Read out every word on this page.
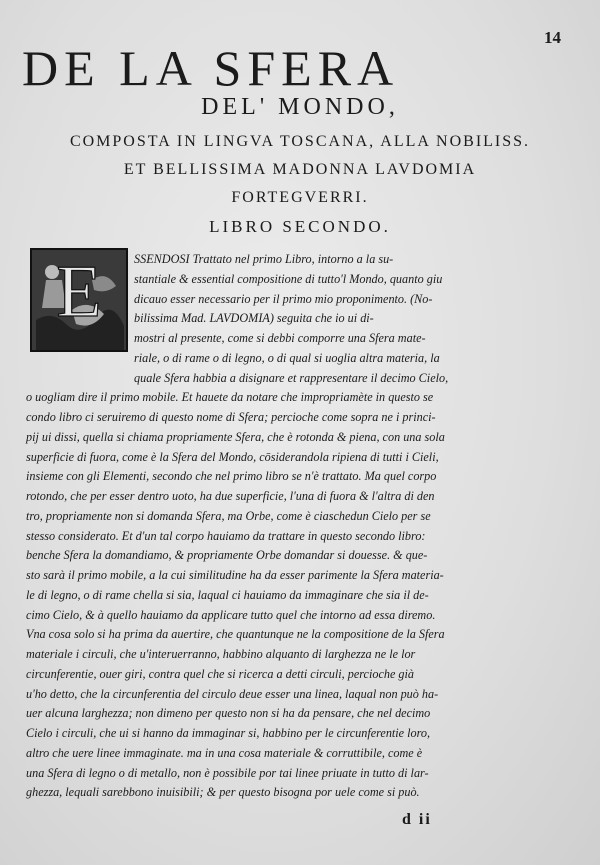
14
DE LA SFERA
DEL' MONDO,
COMPOSTA IN LINGVA TOSCANA, ALLA NOBILISS.
ET BELLISSIMA MADONNA LAVDOMIA
FORTEGVERRI.
LIBRO SECONDO.
E	SSENDOSI Trattato nel primo Libro, intorno a la su-
stantiale & essential compositione di tutto'l Mondo, quanto giu
dicauo esser necessario per il primo mio proponimento. (No-
bilissima Mad. LAVDOMIA) seguita che io ui di-
mostri al presente, come si debbi comporre una Sfera mate-
riale, o di rame o di legno, o di qual si uoglia altra materia, la
quale Sfera habbia a disignare et rappresentare il decimo Cielo,
o uogliam dire il primo mobile. Et hauete da notare che impropriamète in questo se
condo libro ci seruiremo di questo nome di Sfera; percioche come sopra ne i princi-
pij ui dissi, quella si chiama propriamente Sfera, che è rotonda & piena, con una sola
superficie di fuora, come è la Sfera del Mondo, cōsiderandola ripiena di tutti i Cieli,
insieme con gli Elementi, secondo che nel primo libro se n'è trattato. Ma quel corpo
rotondo, che per esser dentro uoto, ha due superficie, l'una di fuora & l'altra di den
tro, propriamente non si domanda Sfera, ma Orbe, come è ciaschedun Cielo per se
stesso considerato. Et d'un tal corpo hauiamo da trattare in questo secondo libro:
benche Sfera la domandiamo, & propriamente Orbe domandar si douesse. & que-
sto sarà il primo mobile, a la cui similitudine ha da esser parimente la Sfera materia-
le di legno, o di rame chella si sia, laqual ci hauiamo da immaginare che sia il de-
cimo Cielo, & à quello hauiamo da applicare tutto quel che intorno ad essa diremo.
Vna cosa solo si ha prima da auertire, che quantunque ne la compositione de la Sfera
materiale i circuli, che u'interuerranno, habbino alquanto di larghezza ne le lor
circunferentie, ouer giri, contra quel che si ricerca a detti circuli, percioche già
u'ho detto, che la circunferentia del circulo deue esser una linea, laqual non può ha-
uer alcuna larghezza; non dimeno per questo non si ha da pensare, che nel decimo
Cielo i circuli, che ui si hanno da immaginar si, habbino per le circunferentie loro,
altro che uere linee immaginate. ma in una cosa materiale & corruttibile, come è
una Sfera di legno o di metallo, non è possibile por tai linee priuate in tutto di lar-
ghezza, lequali sarebbono inuisibili; & per questo bisogna por uele come si può.
d ii
